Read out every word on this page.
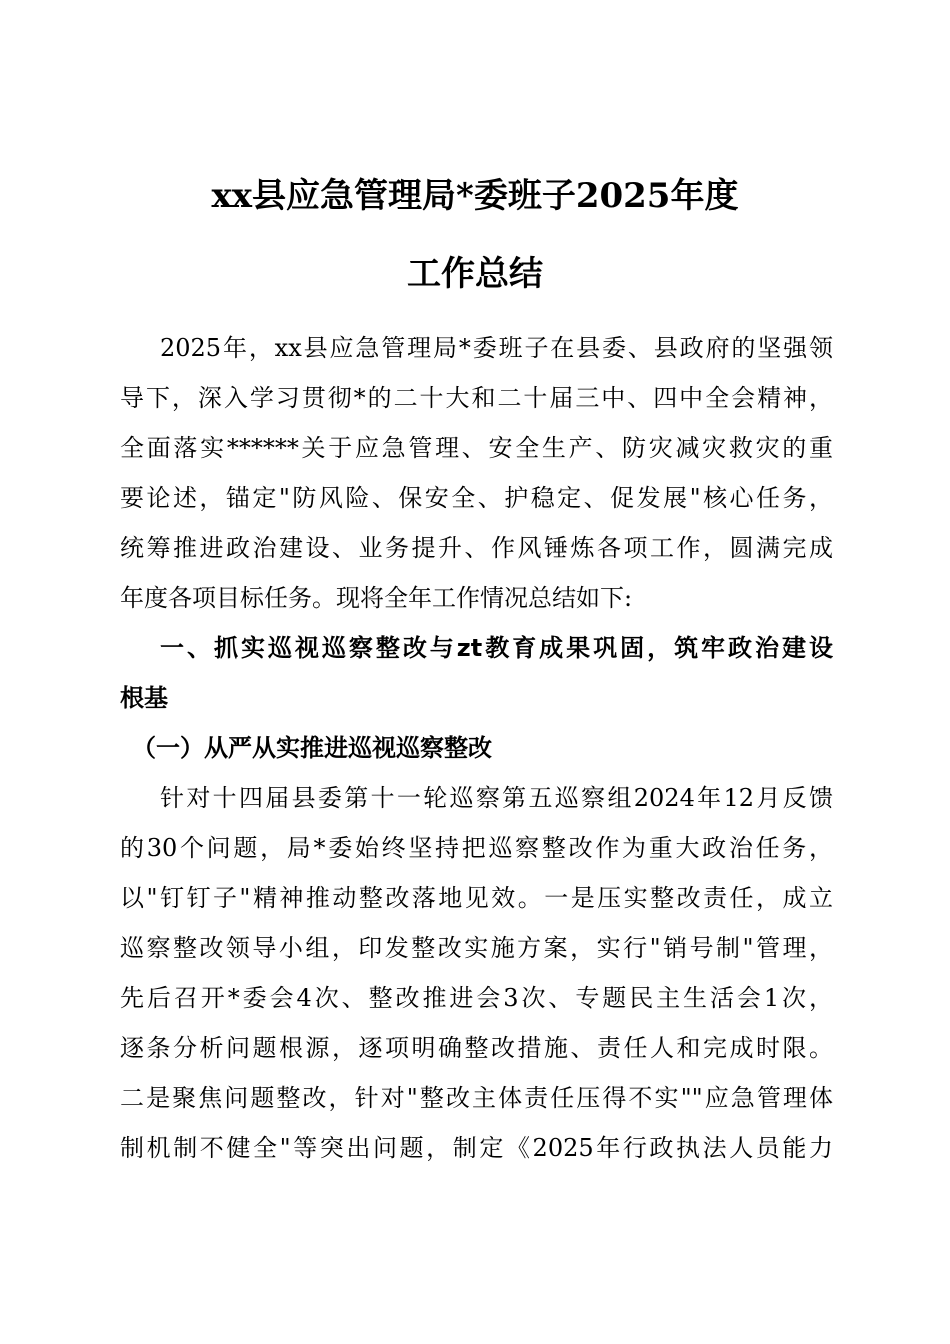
xx县应急管理局*委班子2025年度
工作总结
2025年，xx县应急管理局*委班子在县委、县政府的坚强领
导下，深入学习贯彻*的二十大和二十届三中、四中全会精神，
全面落实******关于应急管理、安全生产、防灾减灾救灾的重
要论述，锚定"防风险、保安全、护稳定、促发展"核心任务，
统筹推进政治建设、业务提升、作风锤炼各项工作，圆满完成
年度各项目标任务。现将全年工作情况总结如下:
一、抓实巡视巡察整改与zt教育成果巩固，筑牢政治建设
根基
（一）从严从实推进巡视巡察整改
针对十四届县委第十一轮巡察第五巡察组2024年12月反馈
的30个问题，局*委始终坚持把巡察整改作为重大政治任务，
以"钉钉子"精神推动整改落地见效。一是压实整改责任，成立
巡察整改领导小组，印发整改实施方案，实行"销号制"管理，
先后召开*委会4次、整改推进会3次、专题民主生活会1次，
逐条分析问题根源，逐项明确整改措施、责任人和完成时限。
二是聚焦问题整改，针对"整改主体责任压得不实""应急管理体
制机制不健全"等突出问题，制定《2025年行政执法人员能力
